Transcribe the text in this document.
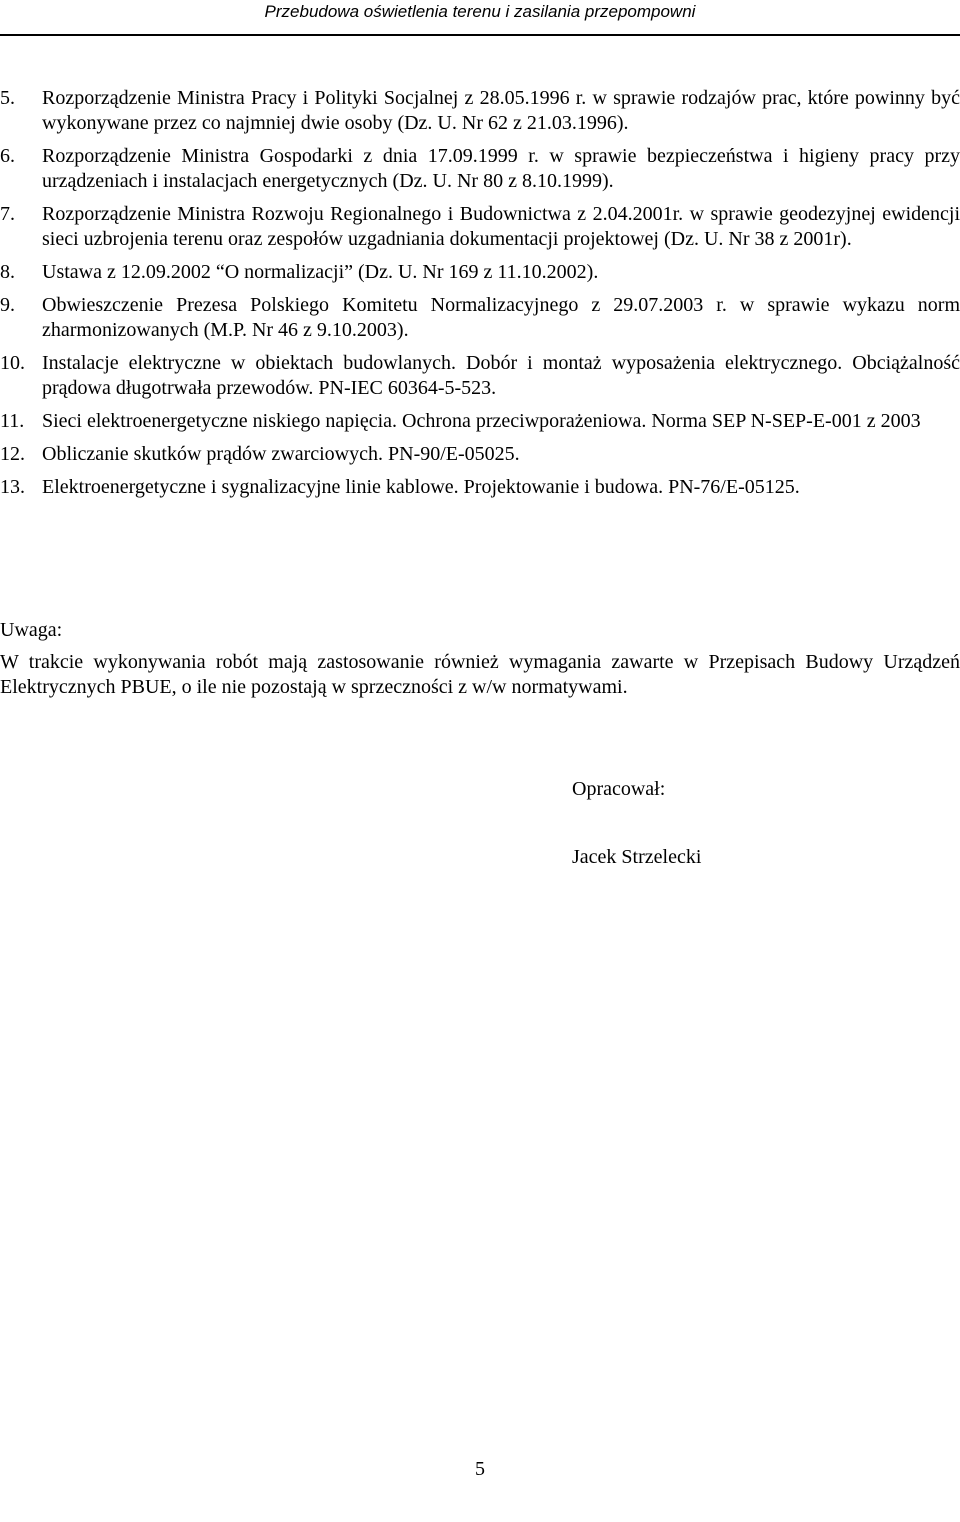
Przebudowa oświetlenia terenu i zasilania przepompowni
5. Rozporządzenie Ministra Pracy i Polityki Socjalnej z 28.05.1996 r. w sprawie rodzajów prac, które powinny być wykonywane przez co najmniej dwie osoby (Dz. U. Nr 62 z 21.03.1996).
6. Rozporządzenie Ministra Gospodarki z dnia 17.09.1999 r. w sprawie bezpieczeństwa i higieny pracy przy urządzeniach i instalacjach energetycznych (Dz. U. Nr 80 z 8.10.1999).
7. Rozporządzenie Ministra Rozwoju Regionalnego i Budownictwa z 2.04.2001r. w sprawie geodezyjnej ewidencji sieci uzbrojenia terenu oraz zespołów uzgadniania dokumentacji projektowej (Dz. U. Nr 38 z 2001r).
8. Ustawa z 12.09.2002 “O normalizacji” (Dz. U. Nr 169 z 11.10.2002).
9. Obwieszczenie Prezesa Polskiego Komitetu Normalizacyjnego z 29.07.2003 r. w sprawie wykazu norm zharmonizowanych (M.P. Nr 46 z 9.10.2003).
10. Instalacje elektryczne w obiektach budowlanych. Dobór i montaż wyposażenia elektrycznego. Obciążalność prądowa długotrwała przewodów. PN-IEC 60364-5-523.
11. Sieci elektroenergetyczne niskiego napięcia. Ochrona przeciwporażeniowa. Norma SEP N-SEP-E-001 z 2003
12. Obliczanie skutków prądów zwarciowych. PN-90/E-05025.
13. Elektroenergetyczne i sygnalizacyjne linie kablowe. Projektowanie i budowa. PN-76/E-05125.
Uwaga:
W trakcie wykonywania robót mają zastosowanie również wymagania zawarte w Przepisach Budowy Urządzeń Elektrycznych PBUE, o ile nie pozostają w sprzeczności z w/w normatywami.
Opracował:
Jacek Strzelecki
5
